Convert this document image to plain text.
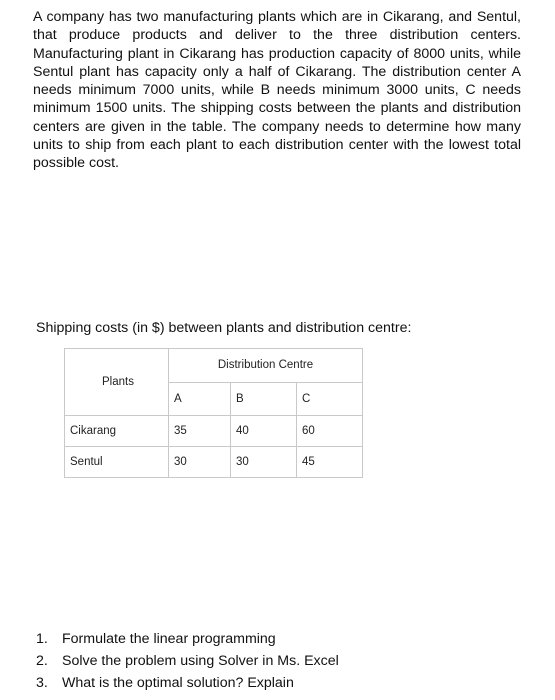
A company has two manufacturing plants which are in Cikarang, and Sentul, that produce products and deliver to the three distribution centers. Manufacturing plant in Cikarang has production capacity of 8000 units, while Sentul plant has capacity only a half of Cikarang. The distribution center A needs minimum 7000 units, while B needs minimum 3000 units, C needs minimum 1500 units. The shipping costs between the plants and distribution centers are given in the table. The company needs to determine how many units to ship from each plant to each distribution center with the lowest total possible cost.

Shipping costs (in $) between plants and distribution centre:

Plants	Distribution Centre		
	A	B	C
Cikarang	35	40	60
Sentul	30	30	45
1. Formulate the linear programming
2. Solve the problem using Solver in Ms. Excel
3. What is the optimal solution? Explain
